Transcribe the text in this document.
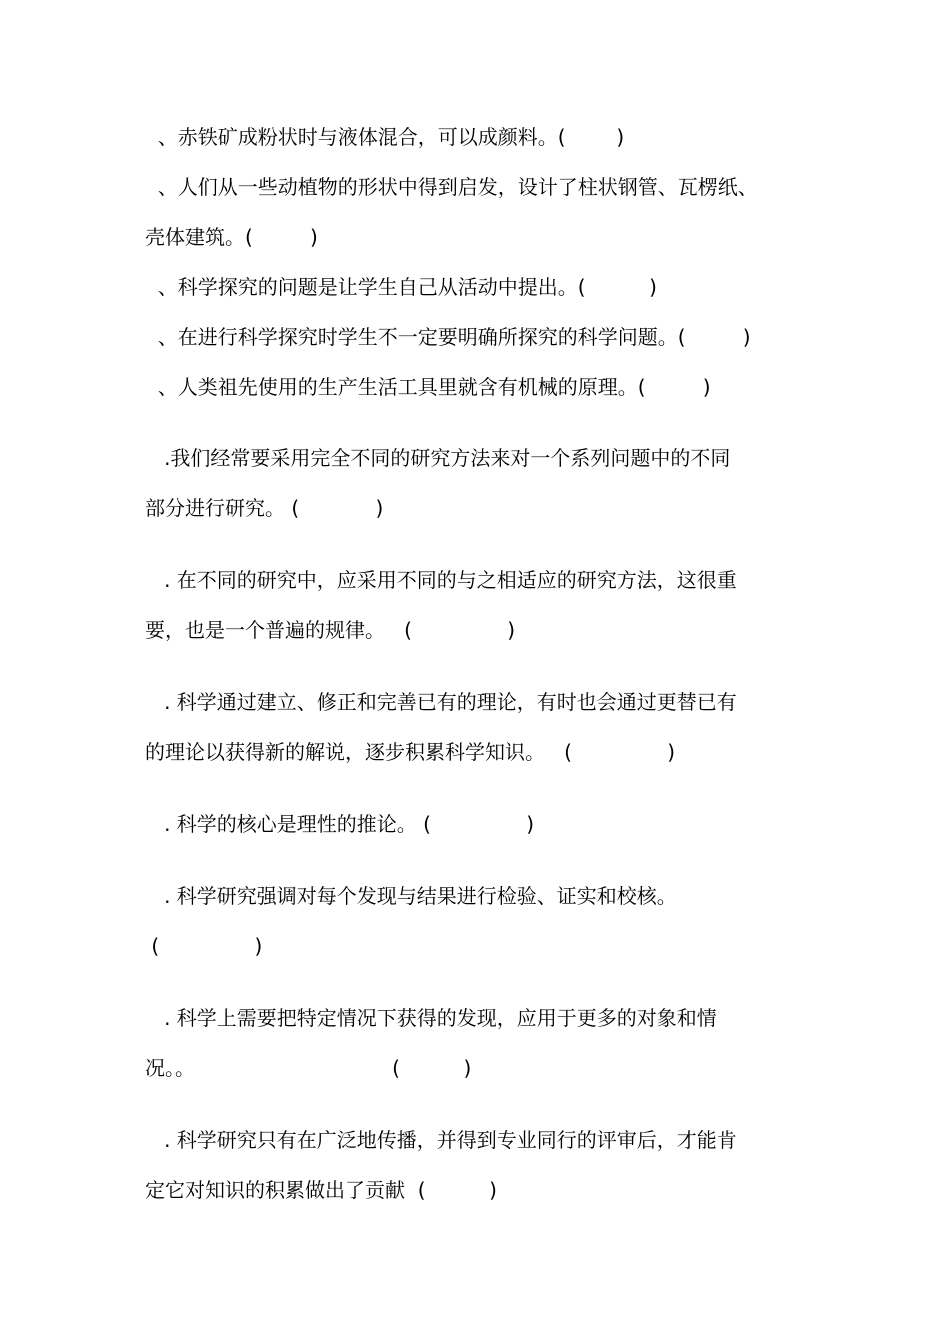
、赤铁矿成粉状时与液体混合，可以成颜料。(        )
、人们从一些动植物的形状中得到启发，设计了柱状钢管、瓦楞纸、
壳体建筑。(         )
、科学探究的问题是让学生自己从活动中提出。(          )
、在进行科学探究时学生不一定要明确所探究的科学问题。(         )
、人类祖先使用的生产生活工具里就含有机械的原理。(         )
.我们经常要采用完全不同的研究方法来对一个系列问题中的不同
部分进行研究。 (            )
. 在不同的研究中，应采用不同的与之相适应的研究方法，这很重
要，也是一个普遍的规律。   (               )
. 科学通过建立、修正和完善已有的理论，有时也会通过更替已有
的理论以获得新的解说，逐步积累科学知识。   (               )
. 科学的核心是理性的推论。 (               )
. 科学研究强调对每个发现与结果进行检验、证实和校核。
(               )
. 科学上需要把特定情况下获得的发现，应用于更多的对象和情
况。。                               (          )
. 科学研究只有在广泛地传播，并得到专业同行的评审后，才能肯
定它对知识的积累做出了贡献  (          )
